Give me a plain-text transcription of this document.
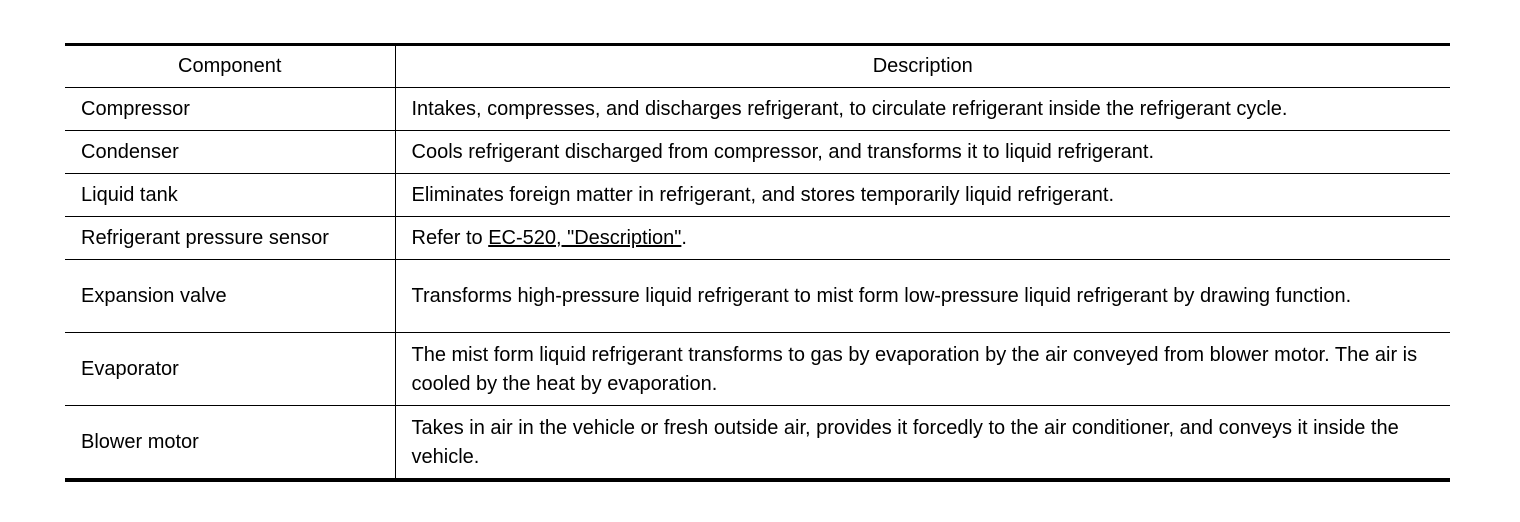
Component	Description
Compressor	Intakes, compresses, and discharges refrigerant, to circulate refrigerant inside the refrigerant cycle.
Condenser	Cools refrigerant discharged from compressor, and transforms it to liquid refrigerant.
Liquid tank	Eliminates foreign matter in refrigerant, and stores temporarily liquid refrigerant.
Refrigerant pressure sensor	Refer to EC-520, "Description".
Expansion valve	Transforms high-pressure liquid refrigerant to mist form low-pressure liquid refrigerant by drawing function.
Evaporator	The mist form liquid refrigerant transforms to gas by evaporation by the air conveyed from blower motor. The air is cooled by the heat by evaporation.
Blower motor	Takes in air in the vehicle or fresh outside air, provides it forcedly to the air conditioner, and conveys it inside the vehicle.
